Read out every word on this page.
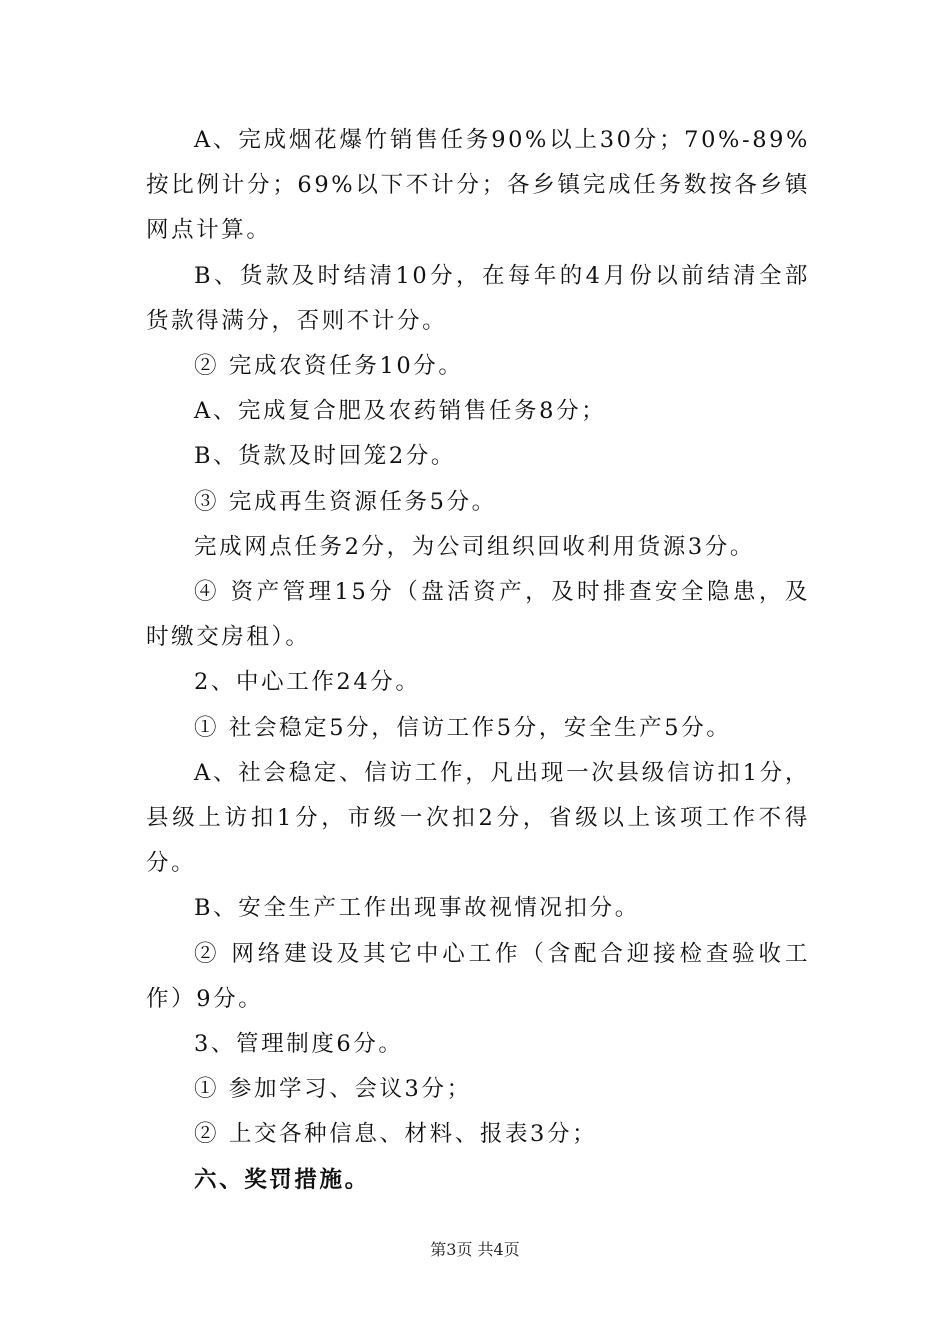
A、完成烟花爆竹销售任务90%以上30分；70%-89%按比例计分；69%以下不计分；各乡镇完成任务数按各乡镇网点计算。

B、货款及时结清10分，在每年的4月份以前结清全部货款得满分，否则不计分。

② 完成农资任务10分。

A、完成复合肥及农药销售任务8分；

B、货款及时回笼2分。

③ 完成再生资源任务5分。

完成网点任务2分，为公司组织回收利用货源3分。

④ 资产管理15分（盘活资产，及时排查安全隐患，及时缴交房租）。

2、中心工作24分。

① 社会稳定5分，信访工作5分，安全生产5分。

A、社会稳定、信访工作，凡出现一次县级信访扣1分，县级上访扣1分，市级一次扣2分，省级以上该项工作不得分。

B、安全生产工作出现事故视情况扣分。

② 网络建设及其它中心工作（含配合迎接检查验收工作）9分。

3、管理制度6分。

① 参加学习、会议3分；

② 上交各种信息、材料、报表3分；

六、奖罚措施。

第3页 共4页
